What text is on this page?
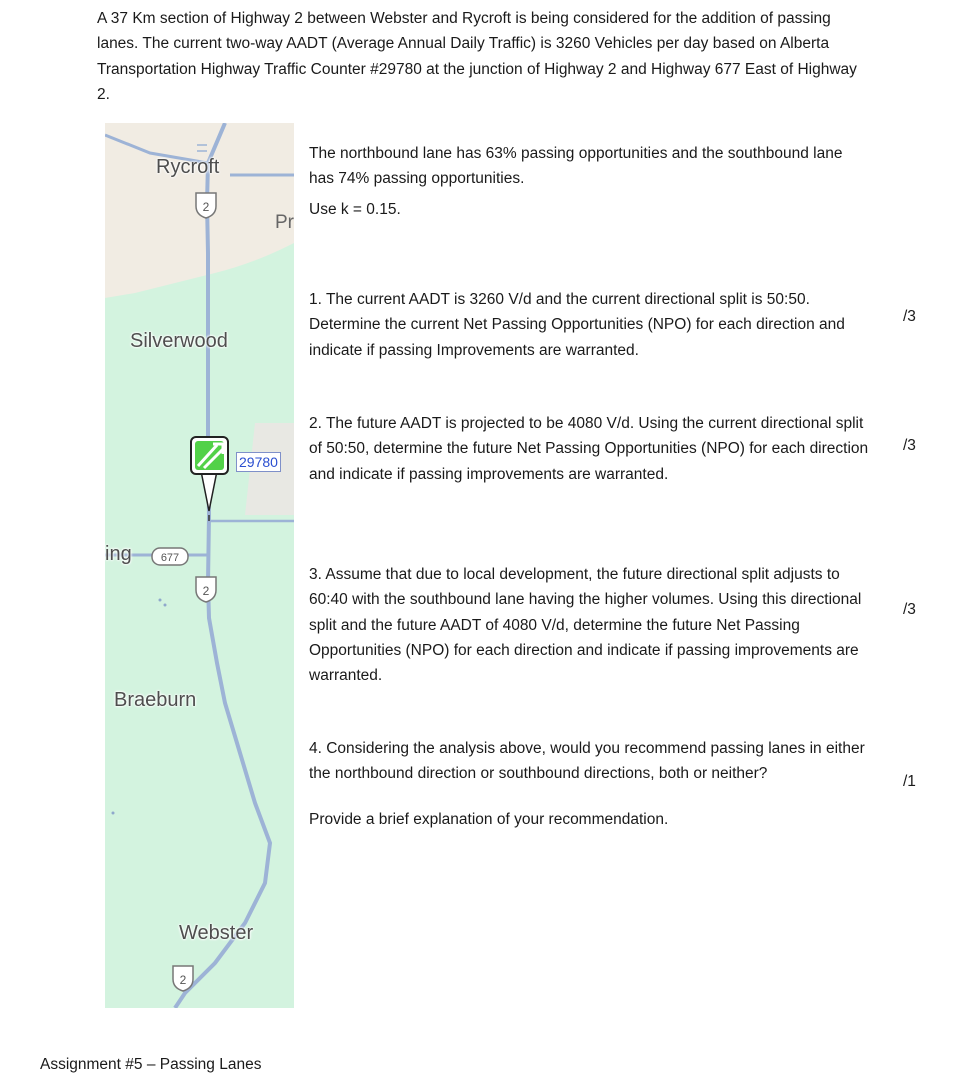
A 37 Km section of Highway 2 between Webster and Rycroft is being considered for the addition of passing lanes. The current two-way AADT (Average Annual Daily Traffic) is 3260 Vehicles per day based on Alberta Transportation Highway Traffic Counter #29780 at the junction of Highway 2 and Highway 677 East of Highway 2.
2
2
2
677
Rycroft
Silverwood
ing
Braeburn
Webster
Pr
29780

The northbound lane has 63% passing opportunities and the southbound lane has 74% passing opportunities.

Use k = 0.15.

1. The current AADT is 3260 V/d and the current directional split is 50:50. Determine the current Net Passing Opportunities (NPO) for each direction and indicate if passing Improvements are warranted.
/3
2. The future AADT is projected to be 4080 V/d. Using the current directional split of 50:50, determine the future Net Passing Opportunities (NPO) for each direction and indicate if passing improvements are warranted.
/3
3. Assume that due to local development, the future directional split adjusts to 60:40 with the southbound lane having the higher volumes. Using this directional split and the future AADT of 4080 V/d, determine the future Net Passing Opportunities (NPO) for each direction and indicate if passing improvements are warranted.
/3
4. Considering the analysis above, would you recommend passing lanes in either the northbound direction or southbound directions, both or neither?	/1
Provide a brief explanation of your recommendation.
Assignment #5 – Passing Lanes
